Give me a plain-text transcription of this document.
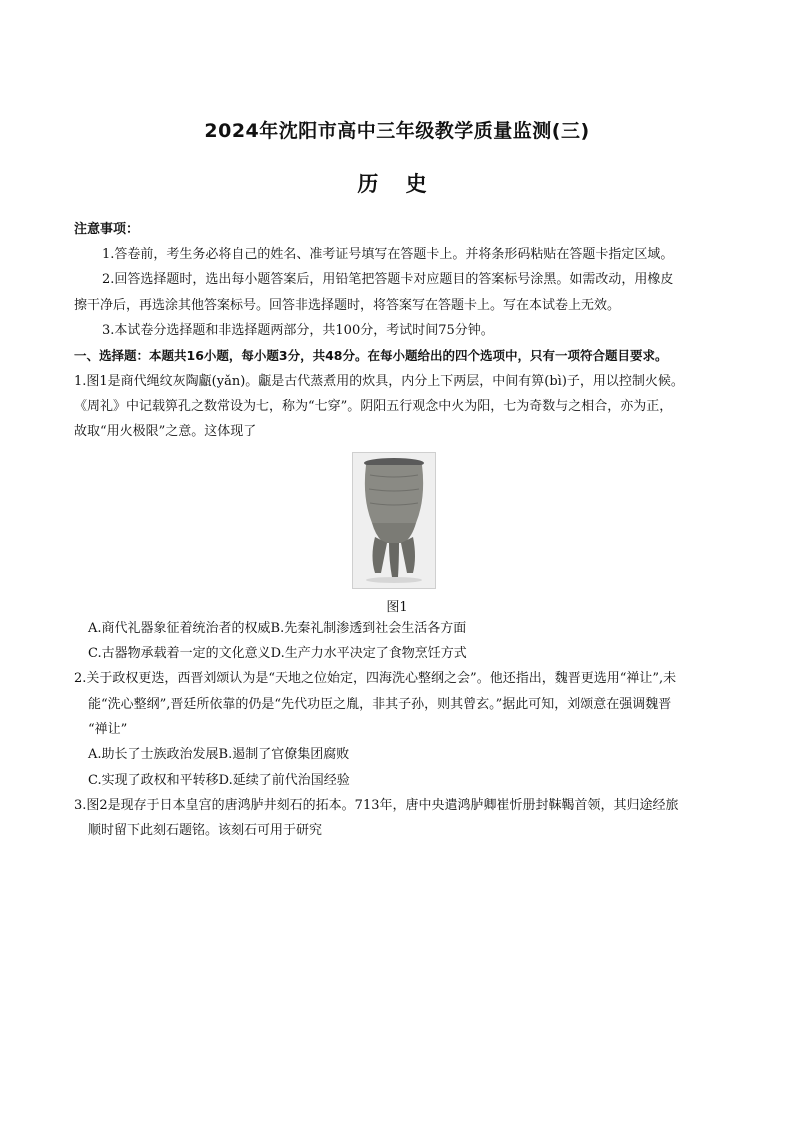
2024年沈阳市高中三年级教学质量监测(三)
历 史
注意事项：
1.答卷前，考生务必将自己的姓名、准考证号填写在答题卡上。并将条形码粘贴在答题卡指定区域。
2.回答选择题时，选出每小题答案后，用铅笔把答题卡对应题目的答案标号涂黑。如需改动，用橡皮
擦干净后，再选涂其他答案标号。回答非选择题时，将答案写在答题卡上。写在本试卷上无效。
3.本试卷分选择题和非选择题两部分，共100分，考试时间75分钟。
一、选择题：本题共16小题，每小题3分，共48分。在每小题给出的四个选项中，只有一项符合题目要求。
1.图1是商代绳纹灰陶甗(yǎn)。甗是古代蒸煮用的炊具，内分上下两层，中间有箅(bì)子，用以控制火候。
《周礼》中记载箅孔之数常设为七，称为“七穿”。阴阳五行观念中火为阳，七为奇数与之相合，亦为正，
故取“用火极限”之意。这体现了
图1
A.商代礼器象征着统治者的权威B.先秦礼制渗透到社会生活各方面
C.古器物承载着一定的文化意义D.生产力水平决定了食物烹饪方式
2.关于政权更迭，西晋刘颂认为是“天地之位始定，四海洗心整纲之会”。他还指出，魏晋更选用“禅让”,未
能“洗心整纲”,晋廷所依靠的仍是“先代功臣之胤，非其子孙，则其曾玄。”据此可知，刘颂意在强调魏晋
“禅让”
A.助长了士族政治发展B.遏制了官僚集团腐败
C.实现了政权和平转移D.延续了前代治国经验
3.图2是现存于日本皇宫的唐鸿胪井刻石的拓本。713年，唐中央遣鸿胪卿崔忻册封靺鞨首领，其归途经旅
顺时留下此刻石题铭。该刻石可用于研究
